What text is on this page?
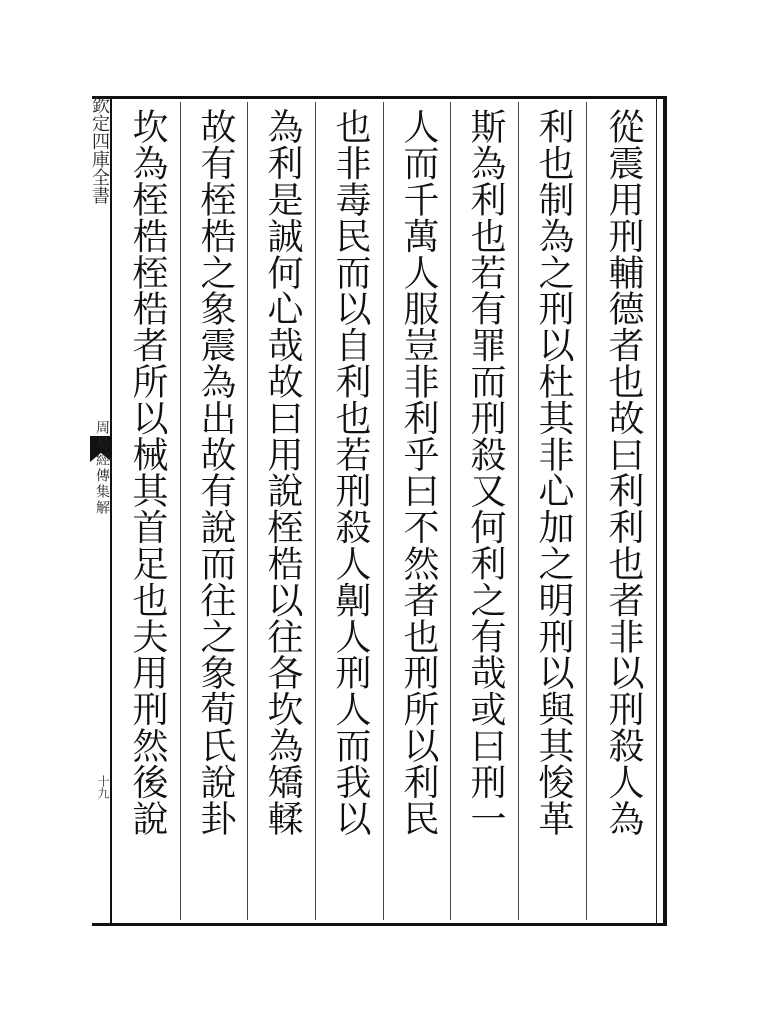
欽定四庫全書
周易經傳集解
十九	從震用刑輔德者也故曰利利也者非以刑殺人為
利也制為之刑以杜其非心加之明刑以與其悛革
斯為利也若有罪而刑殺又何利之有哉或曰刑一
人而千萬人服豈非利乎曰不然者也刑所以利民
也非毒民而以自利也若刑殺人劓人刑人而我以
為利是誠何心哉故曰用說桎梏以往各坎為矯輮
故有桎梏之象震為出故有說而往之象荀氏說卦
坎為桎梏桎梏者所以械其首足也夫用刑然後說
